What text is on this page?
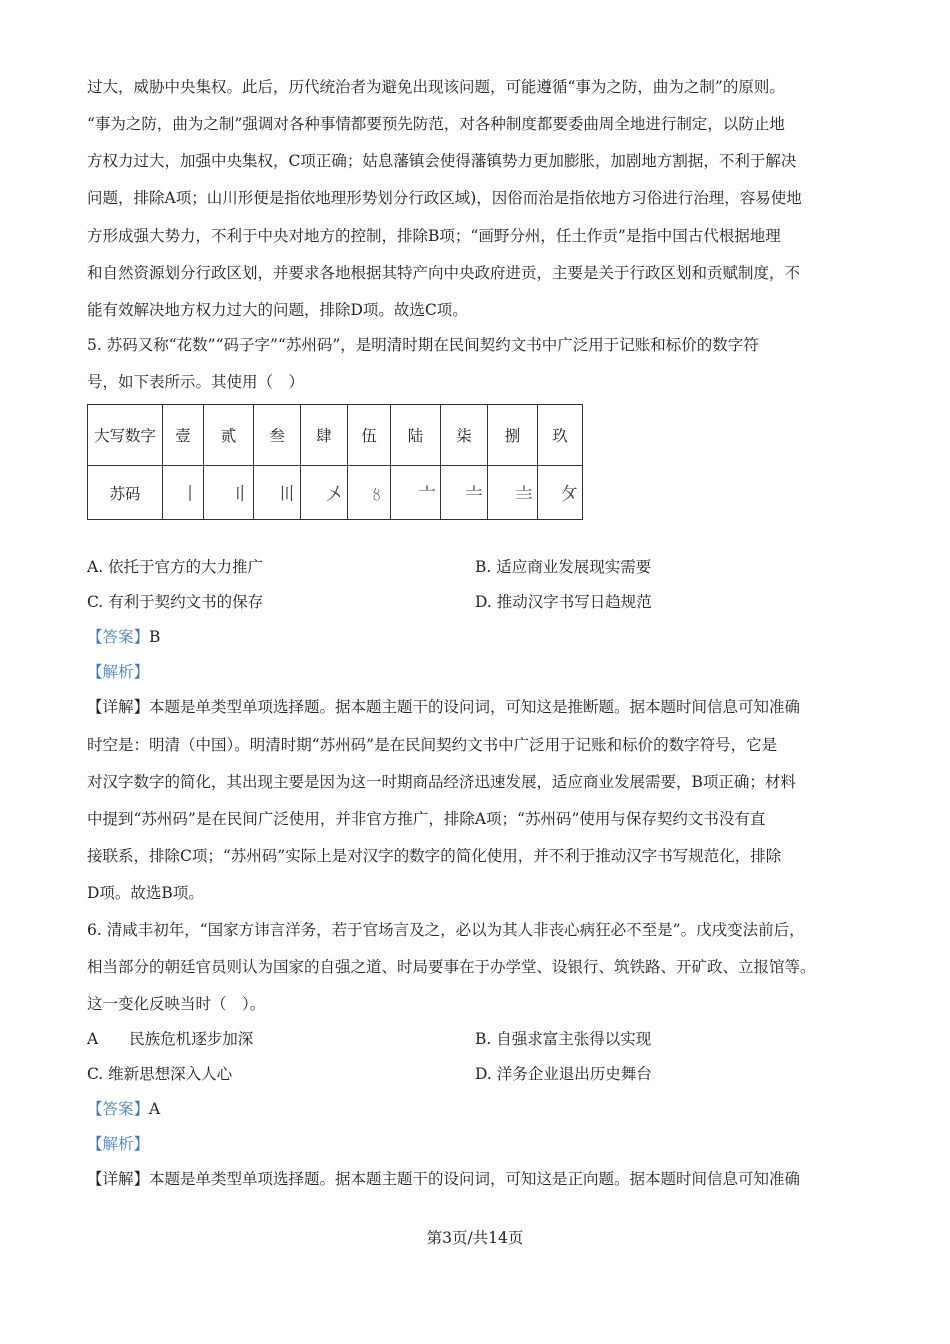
过大，威胁中央集权。此后，历代统治者为避免出现该问题，可能遵循“事为之防，曲为之制”的原则。
“事为之防，曲为之制”强调对各种事情都要预先防范，对各种制度都要委曲周全地进行制定，以防止地
方权力过大，加强中央集权，C项正确；姑息藩镇会使得藩镇势力更加膨胀，加剧地方割据，不利于解决
问题，排除A项；山川形便是指依地理形势划分行政区域)，因俗而治是指依地方习俗进行治理，容易使地
方形成强大势力，不利于中央对地方的控制，排除B项；“画野分州，任土作贡”是指中国古代根据地理
和自然资源划分行政区划，并要求各地根据其特产向中央政府进贡，主要是关于行政区划和贡赋制度，不
能有效解决地方权力过大的问题，排除D项。故选C项。
5. 苏码又称“花数”“码子字”“苏州码”，是明清时期在民间契约文书中广泛用于记账和标价的数字符
号，如下表所示。其使用（　）
大写数字	壹	贰	叁	肆	伍	陆	柒	捌	玖
苏码	〡	〢	〣	〤	〥	〦	〧	〨	〩
A. 依托于官方的大力推广	B. 适应商业发展现实需要
C. 有利于契约文书的保存	D. 推动汉字书写日趋规范
【答案】B
【解析】
【详解】本题是单类型单项选择题。据本题主题干的设问词，可知这是推断题。据本题时间信息可知准确
时空是：明清（中国）。明清时期“苏州码”是在民间契约文书中广泛用于记账和标价的数字符号，它是
对汉字数字的简化，其出现主要是因为这一时期商品经济迅速发展，适应商业发展需要，B项正确；材料
中提到“苏州码”是在民间广泛使用，并非官方推广，排除A项；“苏州码”使用与保存契约文书没有直
接联系，排除C项；“苏州码”实际上是对汉字的数字的简化使用，并不利于推动汉字书写规范化，排除
D项。故选B项。
6. 清咸丰初年，“国家方讳言洋务，若于官场言及之，必以为其人非丧心病狂必不至是”。戊戌变法前后，
相当部分的朝廷官员则认为国家的自强之道、时局要事在于办学堂、设银行、筑铁路、开矿政、立报馆等。
这一变化反映当时（　）。
A　　民族危机逐步加深	B. 自强求富主张得以实现
C. 维新思想深入人心	D. 洋务企业退出历史舞台
【答案】A
【解析】
【详解】本题是单类型单项选择题。据本题主题干的设问词，可知这是正向题。据本题时间信息可知准确
第3页/共14页
